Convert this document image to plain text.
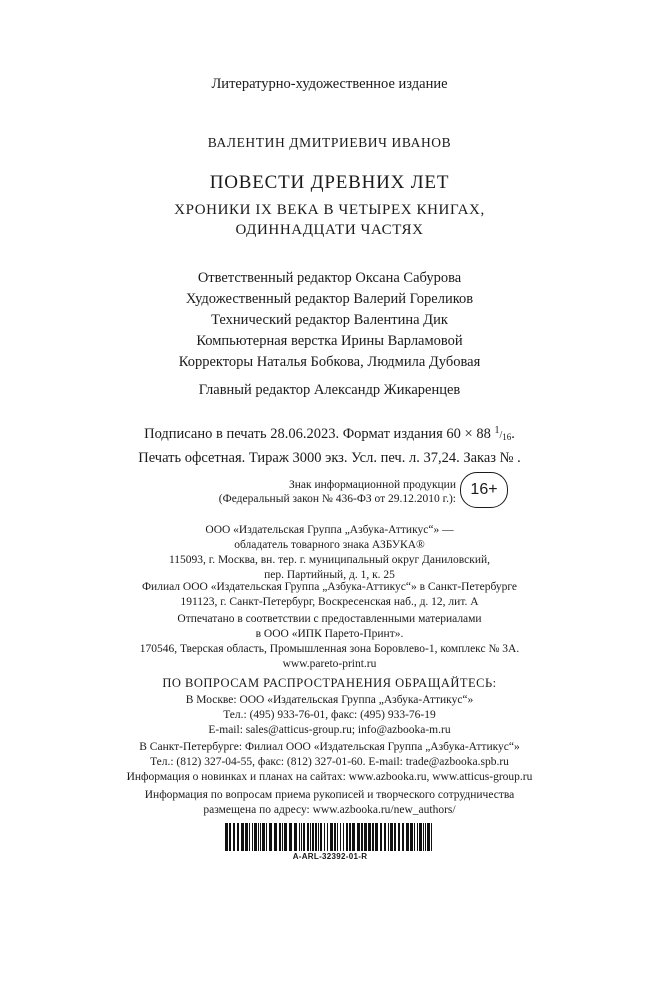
Литературно-художественное издание
ВАЛЕНТИН ДМИТРИЕВИЧ ИВАНОВ
ПОВЕСТИ ДРЕВНИХ ЛЕТ
ХРОНИКИ IX ВЕКА В ЧЕТЫРЕХ КНИГАХ,
ОДИННАДЦАТИ ЧАСТЯХ
Ответственный редактор Оксана Сабурова
Художественный редактор Валерий Гореликов
Технический редактор Валентина Дик
Компьютерная верстка Ирины Варламовой
Корректоры Наталья Бобкова, Людмила Дубовая
Главный редактор Александр Жикаренцев
Подписано в печать 28.06.2023. Формат издания 60 × 88 $^1/_{16}$.
Печать офсетная. Тираж 3000 экз. Усл. печ. л. 37,24. Заказ № .
Знак информационной продукции
(Федеральный закон № 436-ФЗ от 29.12.2010 г.):
16+
ООО «Издательская Группа „Азбука-Аттикус“» —
обладатель товарного знака АЗБУКА®
115093, г. Москва, вн. тер. г. муниципальный округ Даниловский,
пер. Партийный, д. 1, к. 25
Филиал ООО «Издательская Группа „Азбука-Аттикус“» в Санкт-Петербурге
191123, г. Санкт-Петербург, Воскресенская наб., д. 12, лит. А
Отпечатано в соответствии с предоставленными материалами
в ООО «ИПК Парето-Принт».
170546, Тверская область, Промышленная зона Боровлево-1, комплекс № 3А.
www.pareto-print.ru
ПО ВОПРОСАМ РАСПРОСТРАНЕНИЯ ОБРАЩАЙТЕСЬ:
В Москве: ООО «Издательская Группа „Азбука-Аттикус“»
Тел.: (495) 933-76-01, факс: (495) 933-76-19
E-mail: sales@atticus-group.ru; info@azbooka-m.ru
В Санкт-Петербурге: Филиал ООО «Издательская Группа „Азбука-Аттикус“»
Тел.: (812) 327-04-55, факс: (812) 327-01-60. E-mail: trade@azbooka.spb.ru
Информация о новинках и планах на сайтах: www.azbooka.ru, www.atticus-group.ru
Информация по вопросам приема рукописей и творческого сотрудничества
размещена по адресу: www.azbooka.ru/new_authors/
A-ARL-32392-01-R
